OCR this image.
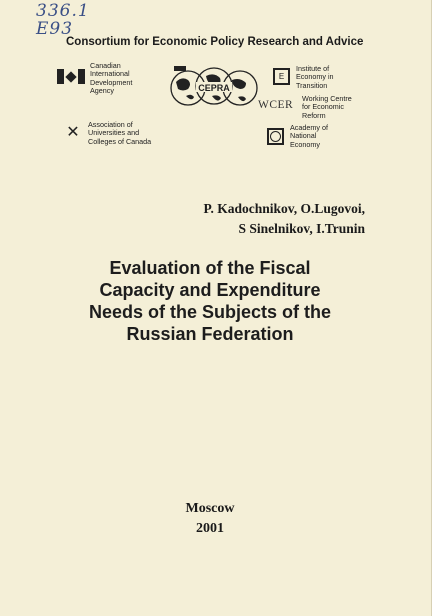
336.1
E93
Consortium for Economic Policy Research and Advice
Canadian
International
Development
Agency
✕	Association of
Universities and
Colleges of Canada
CEPRA
E
Institute of
Economy in
Transition
WCER
Working Centre
for Economic
Reform
Academy of
National
Economy
P. Kadochnikov, O.Lugovoi,
S Sinelnikov, I.Trunin
Evaluation of the Fiscal
Capacity and Expenditure
Needs of the Subjects of the
Russian Federation
Moscow
2001
